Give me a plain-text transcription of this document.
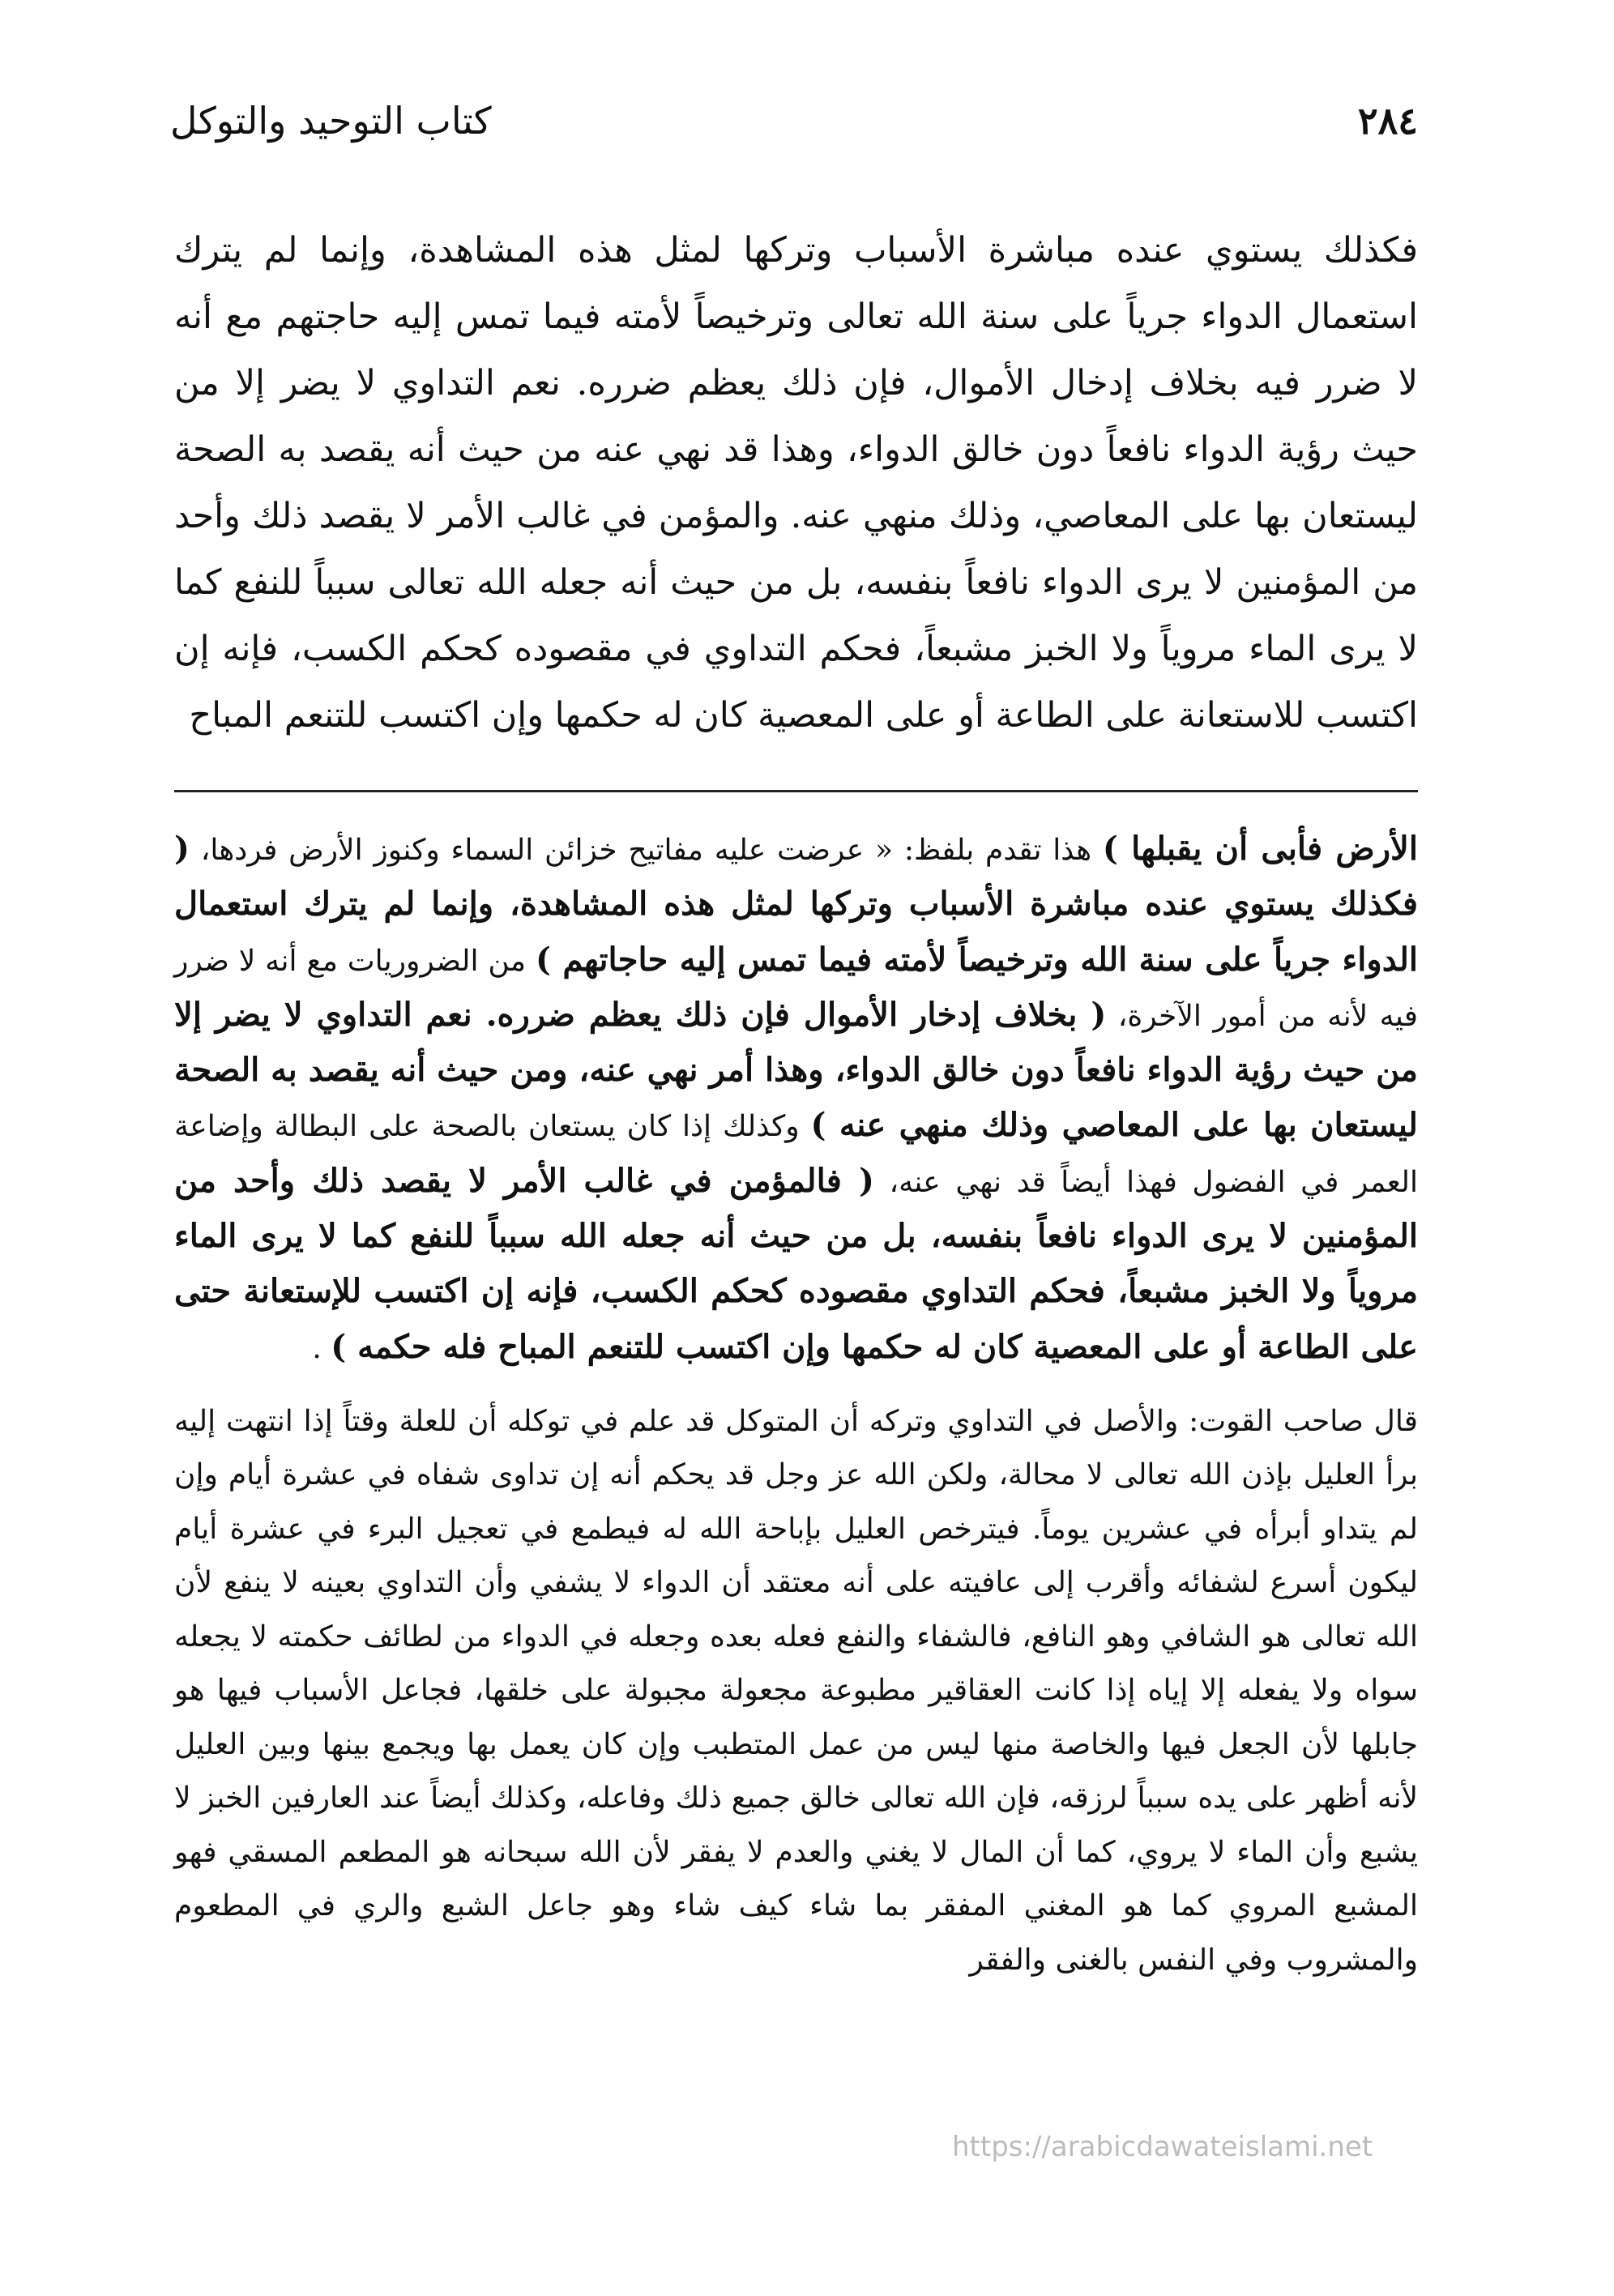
٢٨٤
كتاب التوحيد والتوكل

فكذلك يستوي عنده مباشرة الأسباب وتركها لمثل هذه المشاهدة، وإنما لم يترك استعمال الدواء جرياً على سنة الله تعالى وترخيصاً لأمته فيما تمس إليه حاجتهم مع أنه لا ضرر فيه بخلاف إدخال الأموال، فإن ذلك يعظم ضرره. نعم التداوي لا يضر إلا من حيث رؤية الدواء نافعاً دون خالق الدواء، وهذا قد نهي عنه من حيث أنه يقصد به الصحة ليستعان بها على المعاصي، وذلك منهي عنه. والمؤمن في غالب الأمر لا يقصد ذلك وأحد من المؤمنين لا يرى الدواء نافعاً بنفسه، بل من حيث أنه جعله الله تعالى سبباً للنفع كما لا يرى الماء مروياً ولا الخبز مشبعاً، فحكم التداوي في مقصوده كحكم الكسب، فإنه إن اكتسب للاستعانة على الطاعة أو على المعصية كان له حكمها وإن اكتسب للتنعم المباح

الأرض فأبى أن يقبلها ) هذا تقدم بلفظ: « عرضت عليه مفاتيح خزائن السماء وكنوز الأرض فردها، ( فكذلك يستوي عنده مباشرة الأسباب وتركها لمثل هذه المشاهدة، وإنما لم يترك استعمال الدواء جرياً على سنة الله وترخيصاً لأمته فيما تمس إليه حاجاتهم ) من الضروريات مع أنه لا ضرر فيه لأنه من أمور الآخرة، ( بخلاف إدخار الأموال فإن ذلك يعظم ضرره. نعم التداوي لا يضر إلا من حيث رؤية الدواء نافعاً دون خالق الدواء، وهذا أمر نهي عنه، ومن حيث أنه يقصد به الصحة ليستعان بها على المعاصي وذلك منهي عنه ) وكذلك إذا كان يستعان بالصحة على البطالة وإضاعة العمر في الفضول فهذا أيضاً قد نهي عنه، ( فالمؤمن في غالب الأمر لا يقصد ذلك وأحد من المؤمنين لا يرى الدواء نافعاً بنفسه، بل من حيث أنه جعله الله سبباً للنفع كما لا يرى الماء مروياً ولا الخبز مشبعاً، فحكم التداوي مقصوده كحكم الكسب، فإنه إن اكتسب للإستعانة حتى على الطاعة أو على المعصية كان له حكمها وإن اكتسب للتنعم المباح فله حكمه ) .

قال صاحب القوت: والأصل في التداوي وتركه أن المتوكل قد علم في توكله أن للعلة وقتاً إذا انتهت إليه برأ العليل بإذن الله تعالى لا محالة، ولكن الله عز وجل قد يحكم أنه إن تداوى شفاه في عشرة أيام وإن لم يتداو أبرأه في عشرين يوماً. فيترخص العليل بإباحة الله له فيطمع في تعجيل البرء في عشرة أيام ليكون أسرع لشفائه وأقرب إلى عافيته على أنه معتقد أن الدواء لا يشفي وأن التداوي بعينه لا ينفع لأن الله تعالى هو الشافي وهو النافع، فالشفاء والنفع فعله بعده وجعله في الدواء من لطائف حكمته لا يجعله سواه ولا يفعله إلا إياه إذا كانت العقاقير مطبوعة مجعولة مجبولة على خلقها، فجاعل الأسباب فيها هو جابلها لأن الجعل فيها والخاصة منها ليس من عمل المتطبب وإن كان يعمل بها ويجمع بينها وبين العليل لأنه أظهر على يده سبباً لرزقه، فإن الله تعالى خالق جميع ذلك وفاعله، وكذلك أيضاً عند العارفين الخبز لا يشبع وأن الماء لا يروي، كما أن المال لا يغني والعدم لا يفقر لأن الله سبحانه هو المطعم المسقي فهو المشبع المروي كما هو المغني المفقر بما شاء كيف شاء وهو جاعل الشبع والري في المطعوم والمشروب وفي النفس بالغنى والفقر

https://arabicdawateislami.net
